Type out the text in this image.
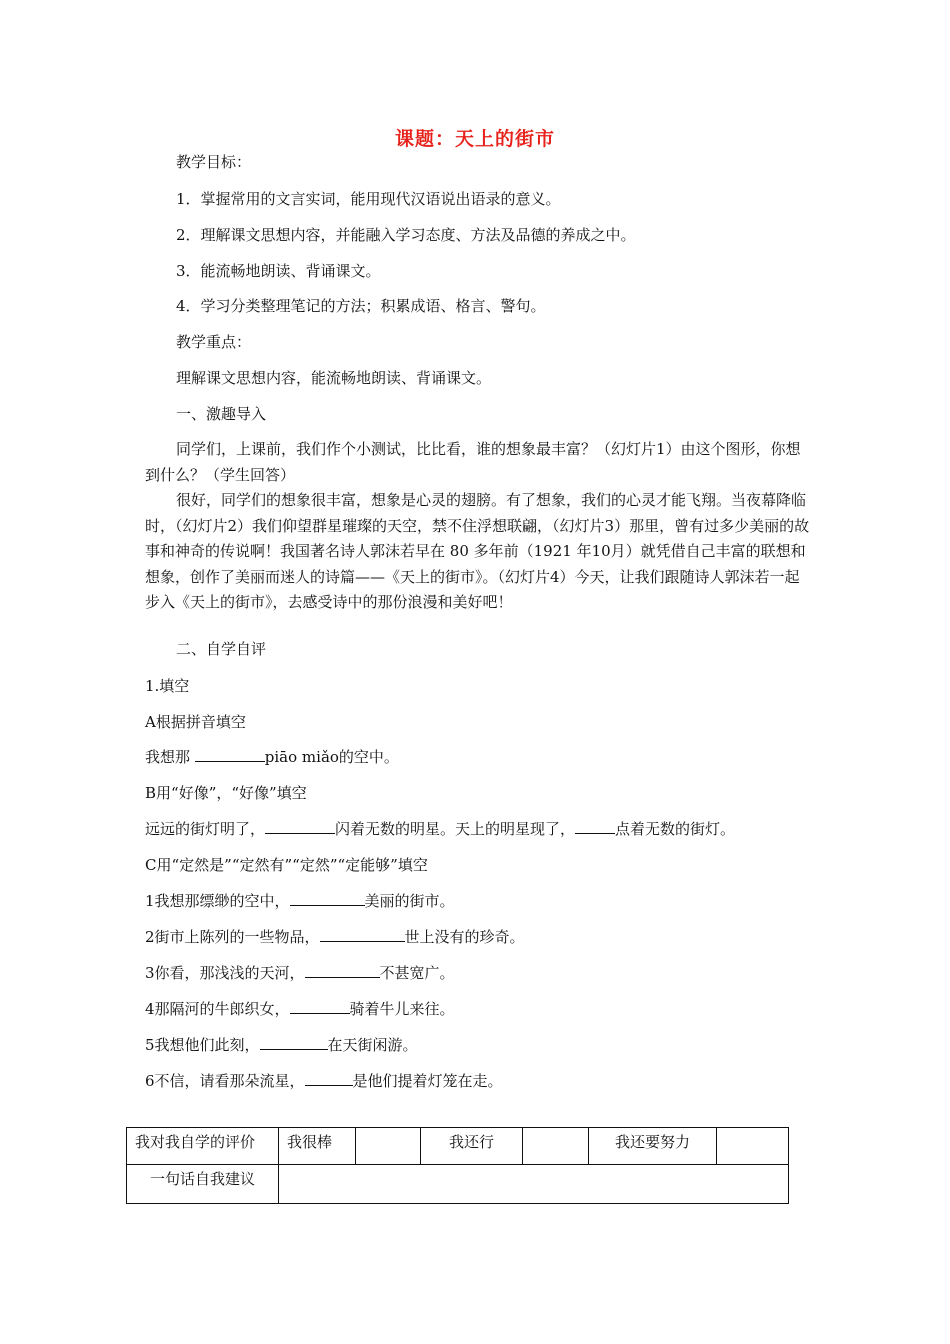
课题：天上的街市
教学目标：
1．掌握常用的文言实词，能用现代汉语说出语录的意义。
2．理解课文思想内容，并能融入学习态度、方法及品德的养成之中。
3．能流畅地朗读、背诵课文。
4．学习分类整理笔记的方法；积累成语、格言、警句。
教学重点：
理解课文思想内容，能流畅地朗读、背诵课文。
一、激趣导入
同学们，上课前，我们作个小测试，比比看，谁的想象最丰富？（幻灯片1）由这个图形，你想到什么？（学生回答）
很好，同学们的想象很丰富，想象是心灵的翅膀。有了想象，我们的心灵才能飞翔。当夜幕降临时，（幻灯片2）我们仰望群星璀璨的天空，禁不住浮想联翩，（幻灯片3）那里，曾有过多少美丽的故事和神奇的传说啊！我国著名诗人郭沫若早在 80 多年前（1921 年10月）就凭借自己丰富的联想和想象，创作了美丽而迷人的诗篇——《天上的街市》。（幻灯片4）今天，让我们跟随诗人郭沫若一起步入《天上的街市》，去感受诗中的那份浪漫和美好吧！
二、自学自评
1.填空
A根据拼音填空
我想那	piāo miǎo的空中。
B用“好像”，“好像”填空
远远的街灯明了，	闪着无数的明星。天上的明星现了，	点着无数的街灯。
C用“定然是”“定然有”“定然”“定能够”填空
1我想那缥缈的空中，	美丽的街市。
2街市上陈列的一些物品，	世上没有的珍奇。
3你看，那浅浅的天河，	不甚宽广。
4那隔河的牛郎织女，	骑着牛儿来往。
5我想他们此刻，	在天街闲游。
6不信，请看那朵流星，	是他们提着灯笼在走。
我对我自学的评价	我很棒		我还行		我还要努力	
一句话自我建议						
